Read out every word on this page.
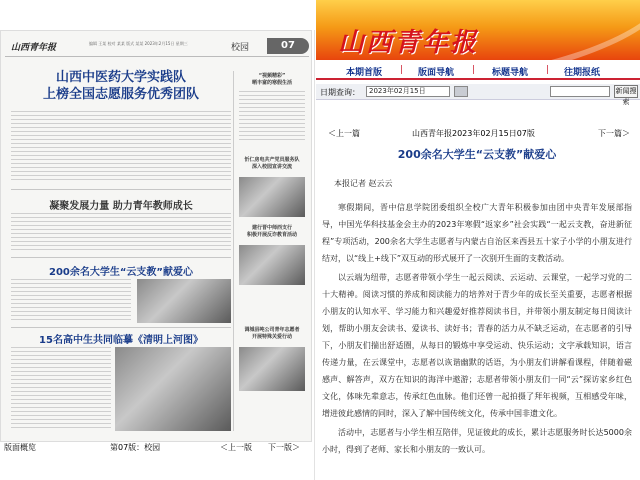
山西青年报	编辑 王某 校对 某某 版式 某某 2023年2月15日 星期三	校园	07
山西中医药大学实践队
上榜全国志愿服务优秀团队
凝聚发展力量 助力青年教师成长
200余名大学生“云支教”献爱心
15名高中生共同临摹《清明上河图》
“视频精彩”
晒丰富的寒假生活
忻仁房电共产党员服务队
深入校园宣讲交流
建行晋中师西支行
积极开展反诈教育活动
调城县吨公司青年志愿者
开展特殊关爱行动
版面概览	第07版：校园	＜上一版 下一版＞
山西青年报
本期首版 | 版面导航 | 标题导航 | 往期报纸
日期查询：	2023年02月15日	新闻搜索
＜上一篇	山西青年报2023年02月15日07版	下一篇＞
200余名大学生“云支教”献爱心
本报记者 赵云云

寒假期间，晋中信息学院团委组织全校广大青年积极参加由团中央青年发展部指导，中国光华科技基金会主办的2023年寒假“返家乡”社会实践“一起云支教，奋进新征程”专项活动，200余名大学生志愿者与内蒙古自治区来西县五十家子小学的小朋友进行结对，以“线上+线下”双互动的形式展开了一次别开生面的支教活动。

以云端为纽带，志愿者带领小学生一起云阅读、云运动、云课堂，一起学习党的二十大精神。阅读习惯的养成和阅读能力的培养对于青少年的成长至关重要，志愿者根据小朋友的认知水平、学习能力和兴趣爱好推荐阅读书目，并带领小朋友制定每日阅读计划，帮助小朋友会读书、爱读书、读好书；青春的活力从不缺乏运动，在志愿者的引导下，小朋友们揣出舒适圈，从每日的锻炼中享受运动、快乐运动；文字承载知识，语言传递力量，在云课堂中，志愿者以诙谐幽默的话语，为小朋友们讲解看课程，伴随着磁感声、解答声，双方在知识的海洋中遨游；志愿者带领小朋友们一同“云”探访家乡红色文化，体味先辈意志，传承红色血脉。他们还曾一起拍摄了拜年视频，互相感受年味，增进彼此感情的同时，深入了解中国传统文化，传承中国非遗文化。

活动中，志愿者与小学生相互陪伴，见证彼此的成长，累计志愿服务时长达5000余小时，得到了老师、家长和小朋友的一致认可。
